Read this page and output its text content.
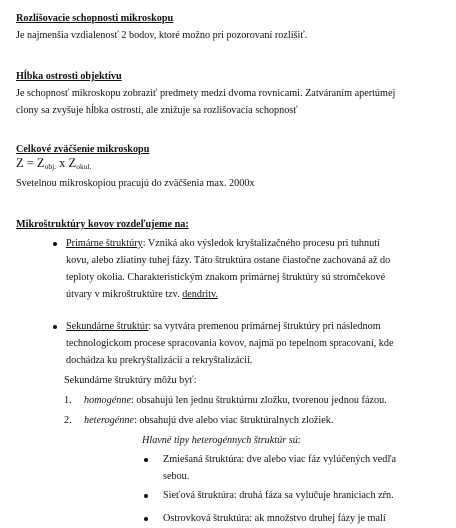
Rozlišovacie schopnosti mikroskopu
Je najmenšia vzdialenosť 2 bodov, ktoré možno pri pozorovaní rozlíšiť.
Hĺbka ostrosti objektívu
Je schopnosť mikroskopu zobraziť predmety medzi dvoma rovnicami. Zatváraním apertúmej
clony sa zvyšuje hĺbka ostrosti, ale znižuje sa rozlišovacia schopnosť
Celkové zväčšenie mikroskopu
$Z = Z_{obj.}$ x $Z_{okul.}$
Svetelnou mikroskopiou pracujú do zväčšenia max. 2000x
Mikroštruktúry kovov rozdeľujeme na:
Primárne štruktúry: Vzniká ako výsledok kryštalizačného procesu pri tuhnutí
kovu, alebo zliatiny tuhej fázy. Táto štruktúra ostane čiastočne zachovaná až do
teploty okolia. Charakteristickým znakom primárnej štruktúry sú stromčekové
útvary v mikroštruktúre tzv. dendritv.
Sekundárne štruktúr: sa vytvára premenou primárnej štruktúry pri následnom
technologickom procese spracovania kovov, najmä po tepelnom spracovaní, kde
dochádza ku prekryštalizácii a rekryštalizácii.
Sekundárne štruktúry môžu byť:
1. homogénne: obsahujú len jednu štruktúrnu zložku, tvorenou jednou fázou.
2. heterogénne: obsahujú dve alebo viac štruktúralnych zložiek.
Hlavné tipy heterogénnych štruktúr sú:
Zmiešaná štruktúra: dve alebo viac fáz vylúčených vedľa
sebou.
Sieťová štruktúra: druhá fáza sa vylučuje hraniciach zŕn.
Ostrovková štruktúra: ak množstvo druhej fázy je malí
